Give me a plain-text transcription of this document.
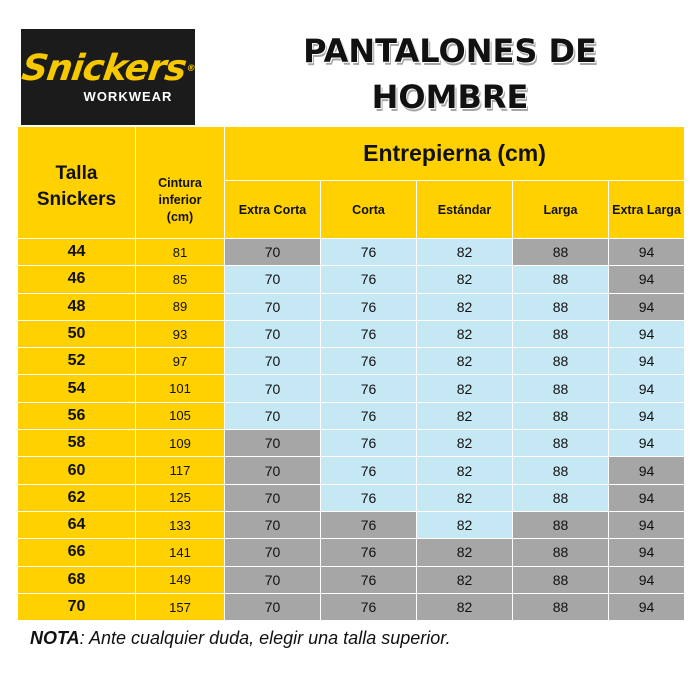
Snickers®
WORKWEAR
PANTALONES DE
HOMBRE
Talla
Snickers
Cintura
inferior
(cm)
Entrepierna (cm)
Extra Corta	Corta	Estándar	Larga	Extra Larga
44	81	70	76	82	88	94
46	85	70	76	82	88	94
48	89	70	76	82	88	94
50	93	70	76	82	88	94
52	97	70	76	82	88	94
54	101	70	76	82	88	94
56	105	70	76	82	88	94
58	109	70	76	82	88	94
60	117	70	76	82	88	94
62	125	70	76	82	88	94
64	133	70	76	82	88	94
66	141	70	76	82	88	94
68	149	70	76	82	88	94
70	157	70	76	82	88	94
NOTA: Ante cualquier duda, elegir una talla superior.
